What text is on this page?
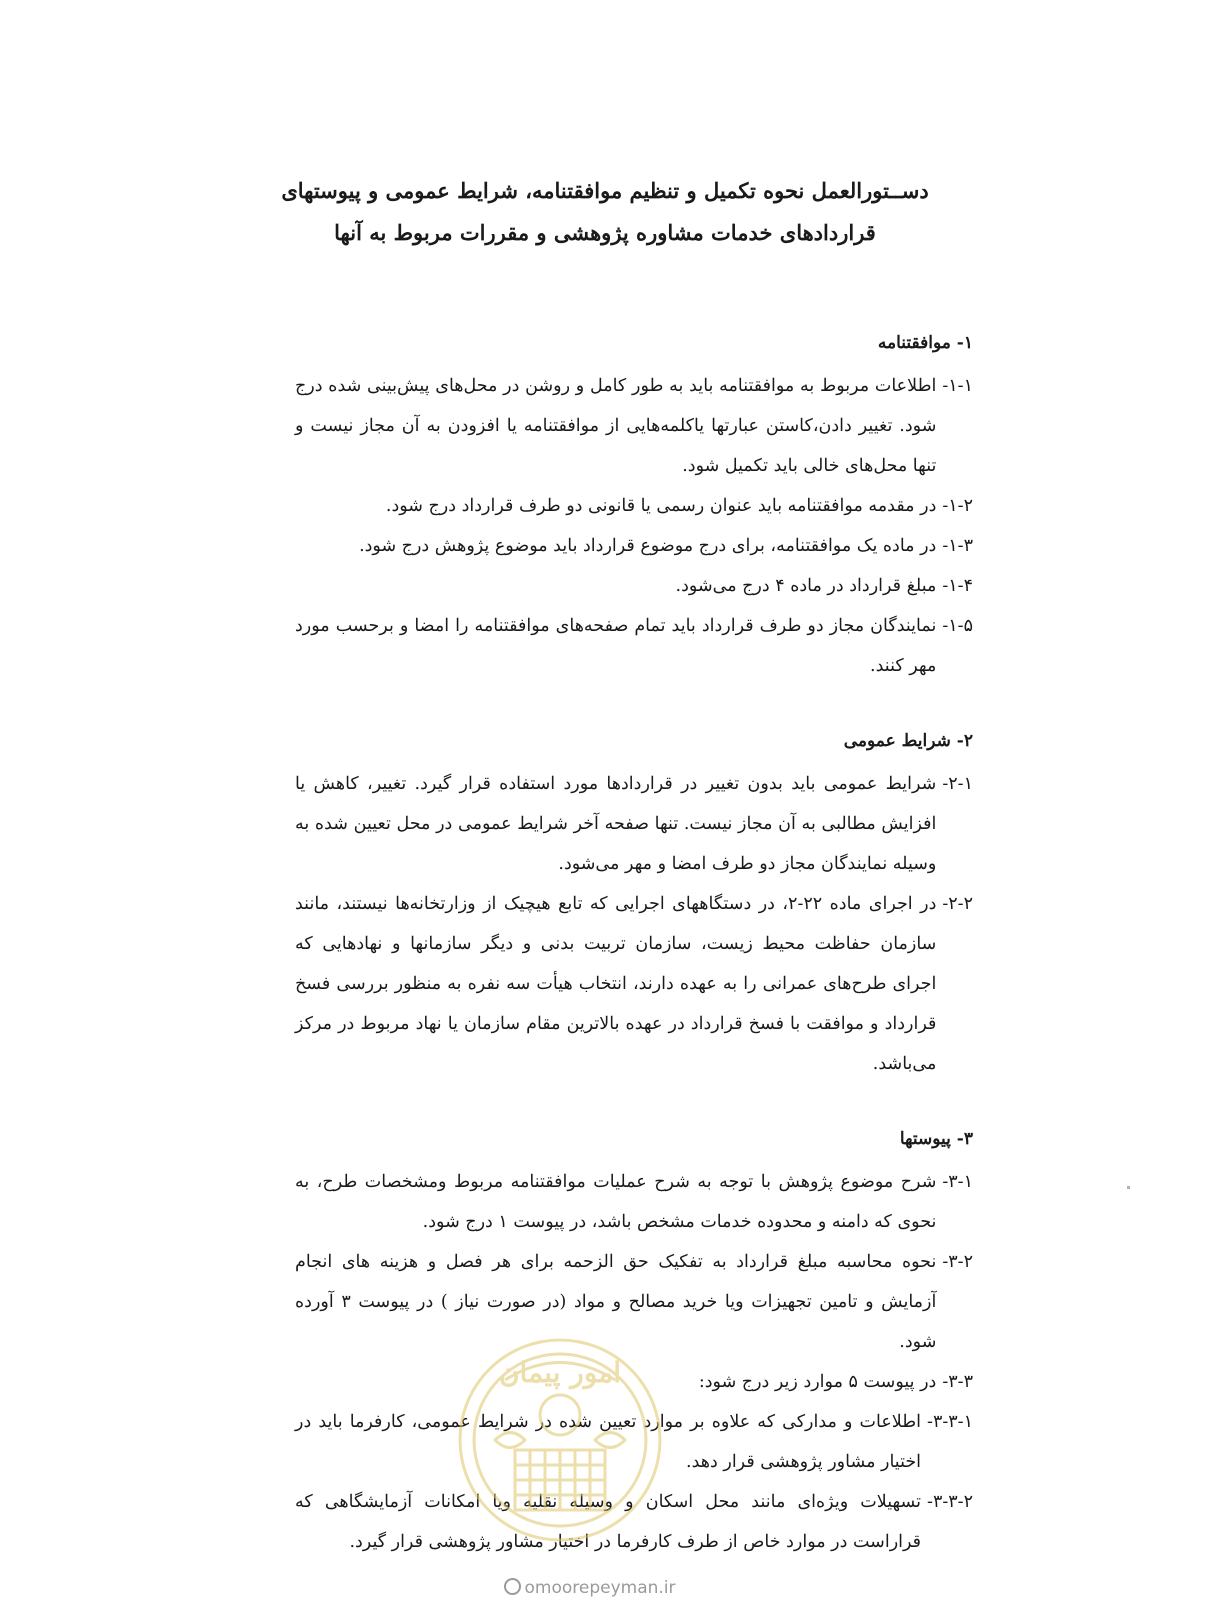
دســتورالعمل نحوه تکمیل و تنظیم موافقتنامه، شرایط عمومی و پیوستهای
قراردادهای خدمات مشاوره پژوهشی و مقررات مربوط به آنها
۱- موافقتنامه
۱-۱-
اطلاعات مربوط به موافقتنامه باید به طور کامل و روشن در محل‌های پیش‌بینی شده درج شود. تغییر دادن،کاستن عبارتها یاکلمه‌هایی از موافقتنامه یا افزودن به آن مجاز نیست و تنها محل‌های خالی باید تکمیل شود.
۱-۲-
در مقدمه موافقتنامه باید عنوان رسمی یا قانونی دو طرف قرارداد درج شود.
۱-۳-
در ماده یک موافقتنامه، برای درج موضوع قرارداد باید موضوع پژوهش درج شود.
۱-۴-
مبلغ قرارداد در ماده ۴ درج می‌شود.
۱-۵-
نمایندگان مجاز دو طرف قرارداد باید تمام صفحه‌های موافقتنامه را امضا و برحسب مورد مهر کنند.
۲- شرایط عمومی
۲-۱-
شرایط عمومی باید بدون تغییر در قراردادها مورد استفاده قرار گیرد. تغییر، کاهش یا افزایش مطالبی به آن مجاز نیست. تنها صفحه آخر شرایط عمومی در محل تعیین شده به وسیله نمایندگان مجاز دو طرف امضا و مهر می‌شود.
۲-۲-
در اجرای ماده ۲۲-۲، در دستگاههای اجرایی که تابع هیچیک از وزارتخانه‌ها نیستند، مانند سازمان حفاظت محیط زیست، سازمان تربیت بدنی و دیگر سازمانها و نهادهایی که اجرای طرح‌های عمرانی را به عهده دارند، انتخاب هیأت سه نفره به منظور بررسی فسخ قرارداد و موافقت با فسخ قرارداد در عهده بالاترین مقام سازمان یا نهاد مربوط در مرکز می‌باشد.
۳- پیوستها
۳-۱-
شرح موضوع پژوهش با توجه به شرح عملیات موافقتنامه مربوط ومشخصات طرح، به نحوی که دامنه و محدوده خدمات مشخص باشد، در پیوست ۱ درج شود.
۳-۲-
نحوه محاسبه مبلغ قرارداد به تفکیک حق الزحمه برای هر فصل و هزینه های انجام آزمایش و تامین تجهیزات ویا خرید مصالح و مواد (در صورت نیاز ) در پیوست ۳ آورده شود.
۳-۳-
در پیوست ۵ موارد زیر درج شود:
۳-۳-۱-
اطلاعات و مدارکی که علاوه بر موارد تعیین شده در شرایط عمومی، کارفرما باید در اختیار مشاور پژوهشی قرار دهد.
۳-۳-۲-
تسهیلات ویژه‌ای مانند محل اسکان و وسیله نقلیه ویا امکانات آزمایشگاهی که قراراست در موارد خاص از طرف کارفرما در اختیار مشاور پژوهشی قرار گیرد.
امور پیمان
omoorepeyman.ir
